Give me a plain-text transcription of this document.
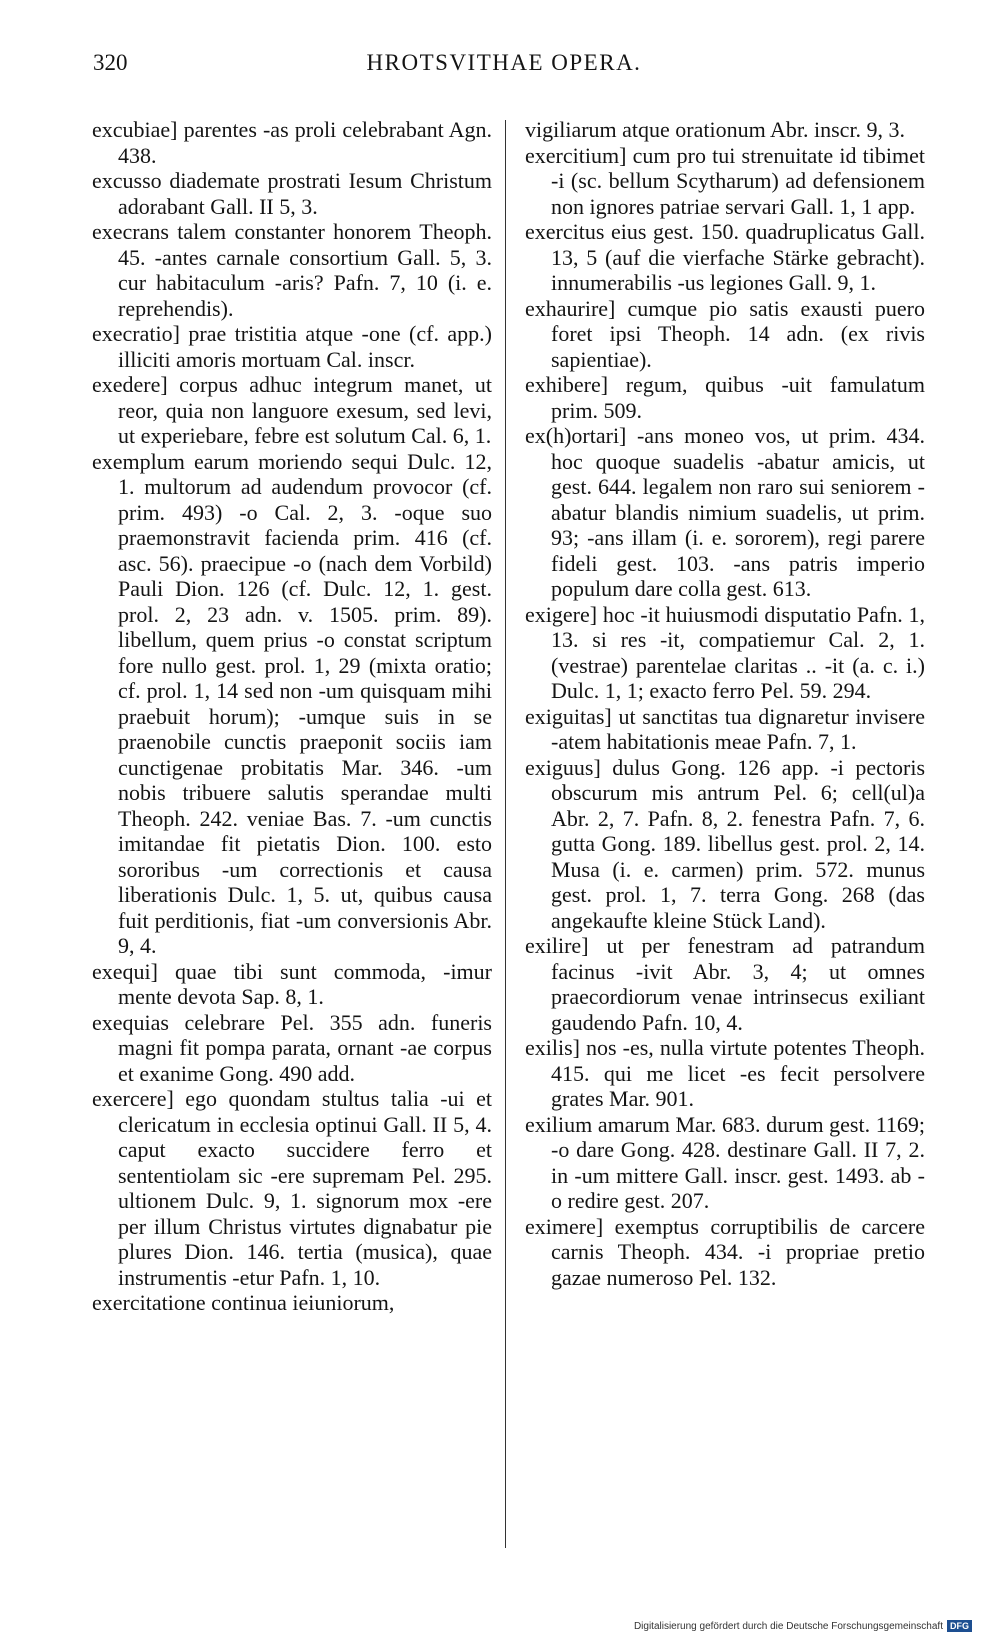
320	HROTSVITHAE OPERA.

excubiae] parentes -as proli celebrabant Agn. 438.

excusso diademate prostrati Iesum Christum adorabant Gall. II 5, 3.

execrans talem constanter honorem Theoph. 45. -antes carnale consortium Gall. 5, 3. cur habitaculum -aris? Pafn. 7, 10 (i. e. reprehendis).

execratio] prae tristitia atque -one (cf. app.) illiciti amoris mortuam Cal. inscr.

exedere] corpus adhuc integrum manet, ut reor, quia non languore exesum, sed levi, ut experiebare, febre est solutum Cal. 6, 1.

exemplum earum moriendo sequi Dulc. 12, 1. multorum ad audendum provocor (cf. prim. 493) -o Cal. 2, 3. -oque suo praemonstravit facienda prim. 416 (cf. asc. 56). praecipue -o (nach dem Vorbild) Pauli Dion. 126 (cf. Dulc. 12, 1. gest. prol. 2, 23 adn. v. 1505. prim. 89). libellum, quem prius -o constat scriptum fore nullo gest. prol. 1, 29 (mixta oratio; cf. prol. 1, 14 sed non -um quisquam mihi praebuit horum); -umque suis in se praenobile cunctis praeponit sociis iam cunctigenae probitatis Mar. 346. -um nobis tribuere salutis sperandae multi Theoph. 242. veniae Bas. 7. -um cunctis imitandae fit pietatis Dion. 100. esto sororibus -um correctionis et causa liberationis Dulc. 1, 5. ut, quibus causa fuit perditionis, fiat -um conversionis Abr. 9, 4.

exequi] quae tibi sunt commoda, -imur mente devota Sap. 8, 1.

exequias celebrare Pel. 355 adn. funeris magni fit pompa parata, ornant -ae corpus et exanime Gong. 490 add.

exercere] ego quondam stultus talia -ui et clericatum in ecclesia optinui Gall. II 5, 4. caput exacto succidere ferro et sententiolam sic -ere supremam Pel. 295. ultionem Dulc. 9, 1. signorum mox -ere per illum Christus virtutes dignabatur pie plures Dion. 146. tertia (musica), quae instrumentis -etur Pafn. 1, 10.

exercitatione continua ieiuniorum,

vigiliarum atque orationum Abr. inscr. 9, 3.

exercitium] cum pro tui strenuitate id tibimet -i (sc. bellum Scytharum) ad defensionem non ignores patriae servari Gall. 1, 1 app.

exercitus eius gest. 150. quadruplicatus Gall. 13, 5 (auf die vierfache Stärke gebracht). innumerabilis -us legiones Gall. 9, 1.

exhaurire] cumque pio satis exausti puero foret ipsi Theoph. 14 adn. (ex rivis sapientiae).

exhibere] regum, quibus -uit famulatum prim. 509.

ex(h)ortari] -ans moneo vos, ut prim. 434. hoc quoque suadelis -abatur amicis, ut gest. 644. legalem non raro sui seniorem -abatur blandis nimium suadelis, ut prim. 93; -ans illam (i. e. sororem), regi parere fideli gest. 103. -ans patris imperio populum dare colla gest. 613.

exigere] hoc -it huiusmodi disputatio Pafn. 1, 13. si res -it, compatiemur Cal. 2, 1. (vestrae) parentelae claritas .. -it (a. c. i.) Dulc. 1, 1; exacto ferro Pel. 59. 294.

exiguitas] ut sanctitas tua dignaretur invisere -atem habitationis meae Pafn. 7, 1.

exiguus] dulus Gong. 126 app. -i pectoris obscurum mis antrum Pel. 6; cell(ul)a Abr. 2, 7. Pafn. 8, 2. fenestra Pafn. 7, 6. gutta Gong. 189. libellus gest. prol. 2, 14. Musa (i. e. carmen) prim. 572. munus gest. prol. 1, 7. terra Gong. 268 (das angekaufte kleine Stück Land).

exilire] ut per fenestram ad patrandum facinus -ivit Abr. 3, 4; ut omnes praecordiorum venae intrinsecus exiliant gaudendo Pafn. 10, 4.

exilis] nos -es, nulla virtute potentes Theoph. 415. qui me licet -es fecit persolvere grates Mar. 901.

exilium amarum Mar. 683. durum gest. 1169; -o dare Gong. 428. destinare Gall. II 7, 2. in -um mittere Gall. inscr. gest. 1493. ab -o redire gest. 207.

eximere] exemptus corruptibilis de carcere carnis Theoph. 434. -i propriae pretio gazae numeroso Pel. 132.

Digitalisierung gefördert durch die Deutsche Forschungsgemeinschaft DFG
